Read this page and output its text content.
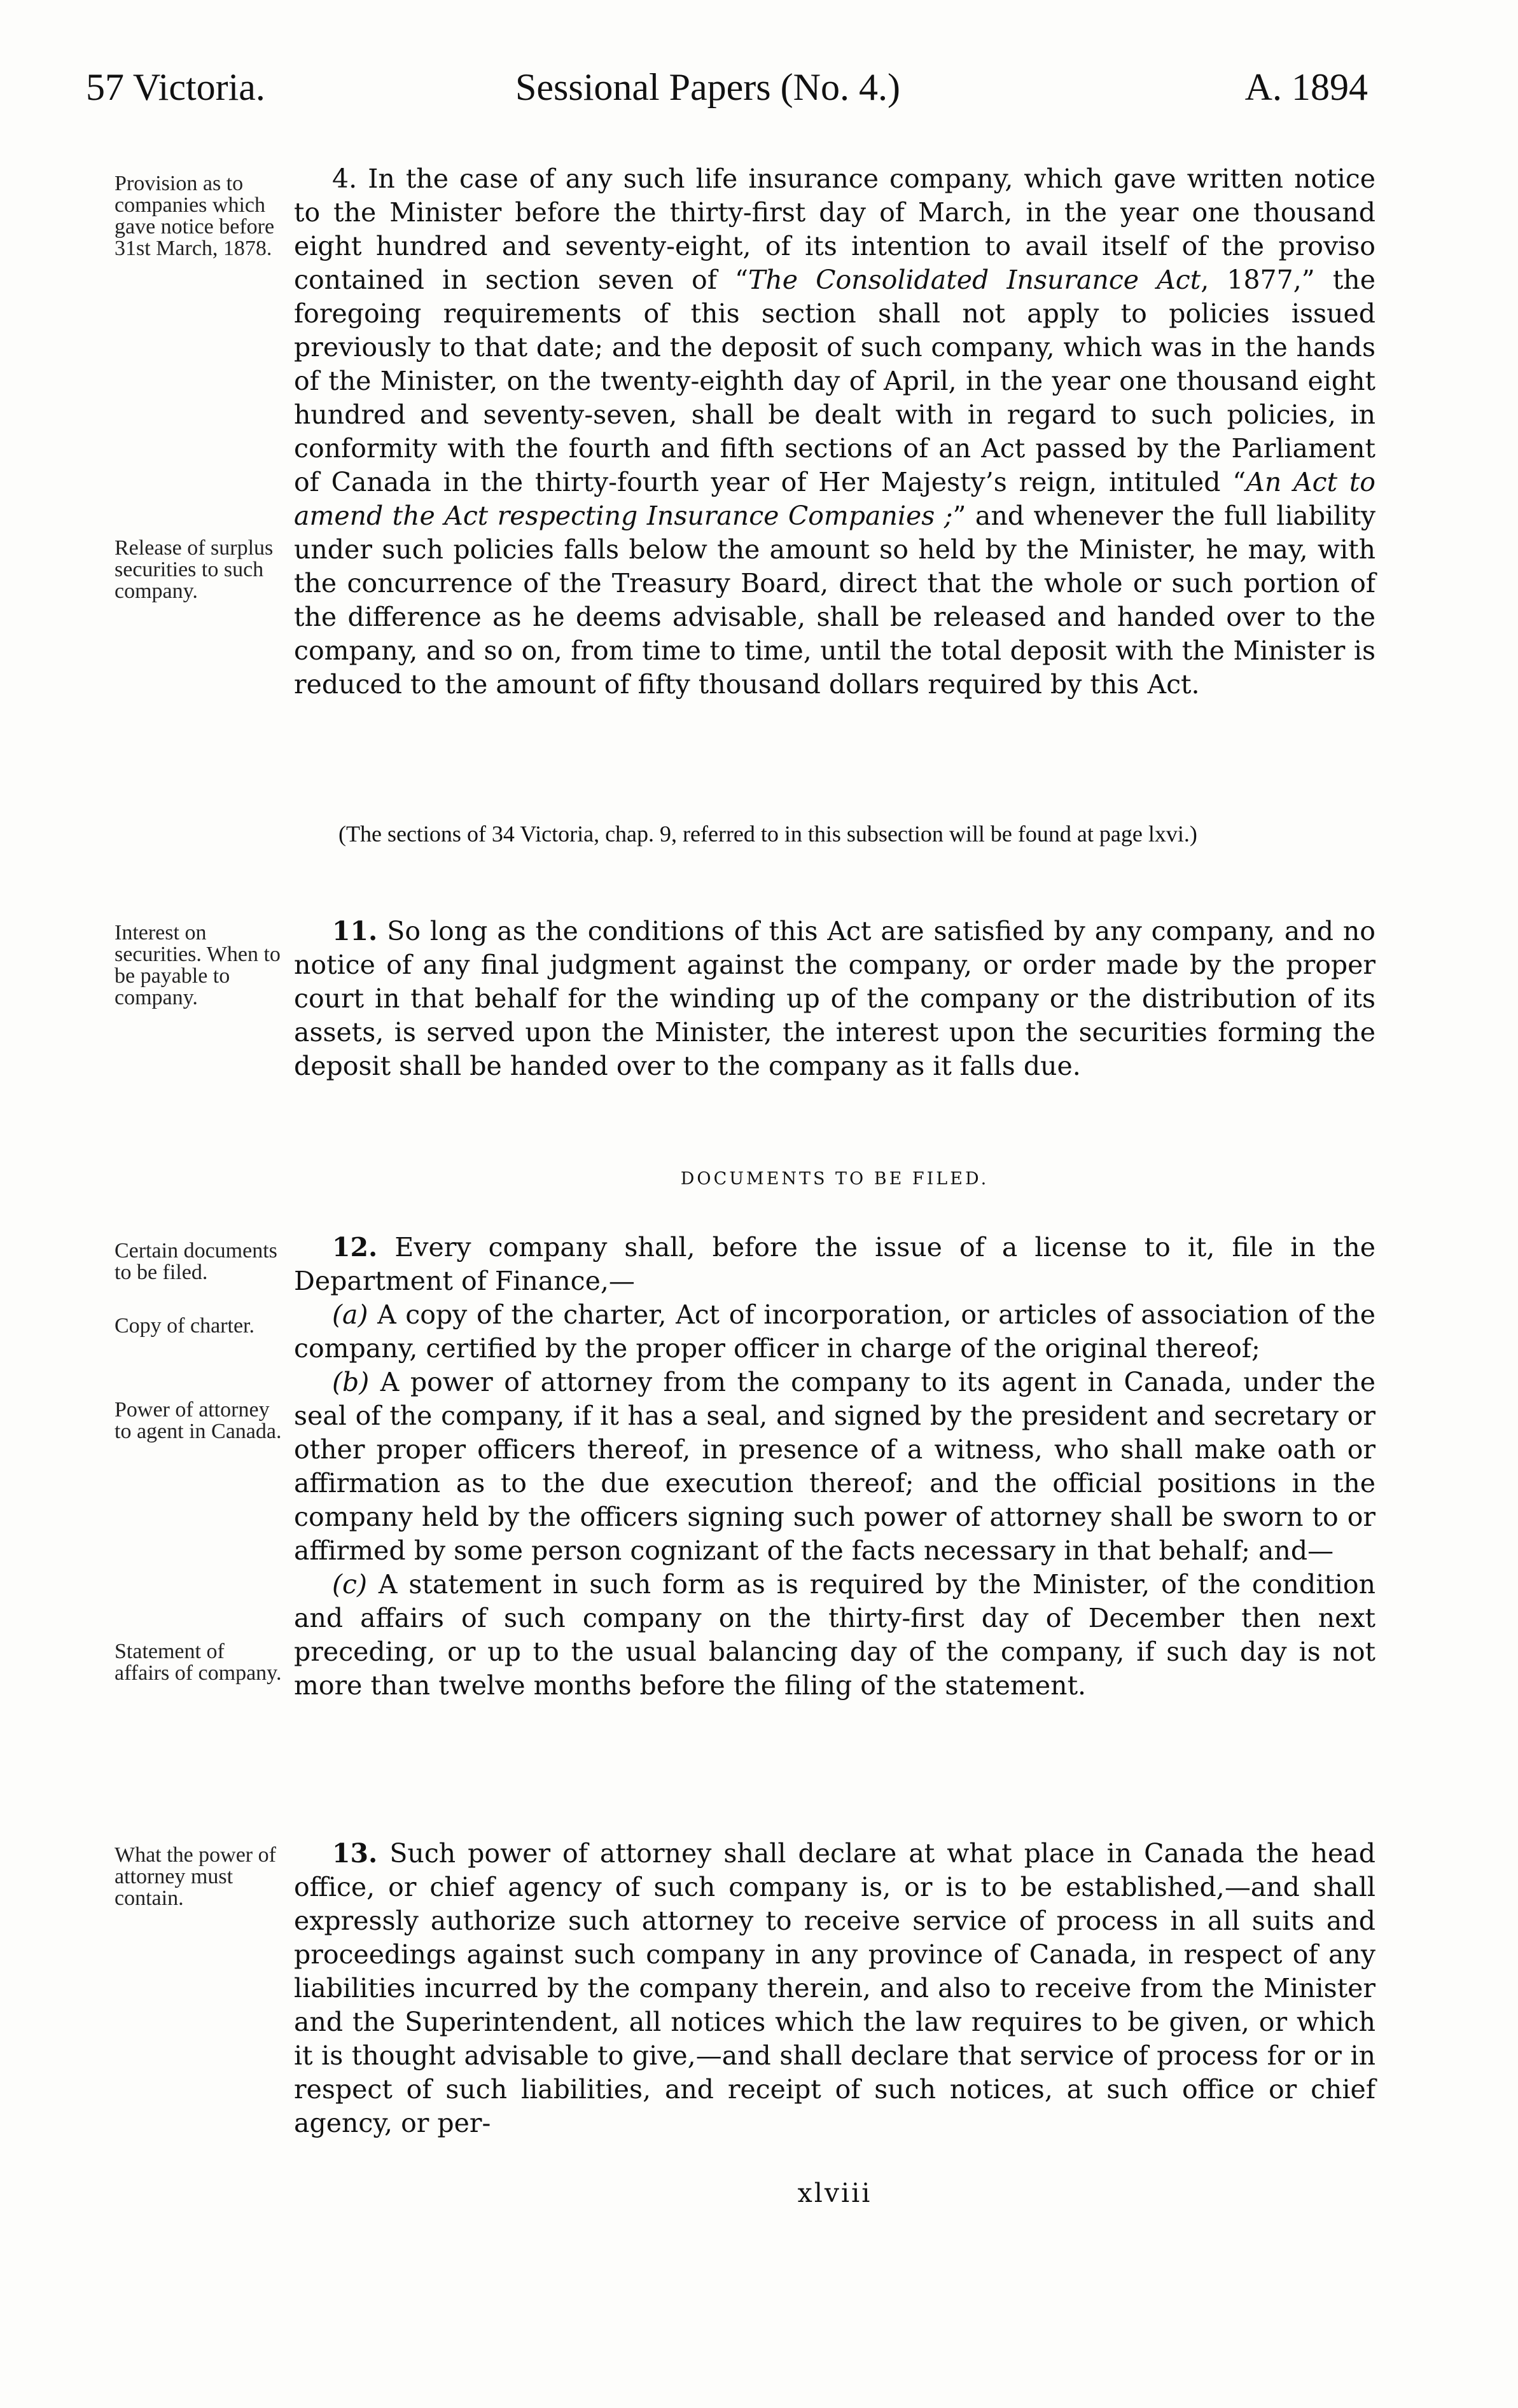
57 Victoria.	Sessional Papers (No. 4.)	A. 1894
Provision as to companies which gave notice before 31st March, 1878.
Release of surplus securities to such company.
Interest on securities. When to be payable to company.
Certain documents to be filed.
Copy of charter.
Power of attorney to agent in Canada.
Statement of affairs of company.
What the power of attorney must contain.

4. In the case of any such life insurance company, which gave written notice to the Minister before the thirty-first day of March, in the year one thousand eight hundred and seventy-eight, of its intention to avail itself of the proviso contained in section seven of “The Consolidated Insurance Act, 1877,” the foregoing requirements of this section shall not apply to policies issued previously to that date; and the deposit of such company, which was in the hands of the Minister, on the twenty-eighth day of April, in the year one thousand eight hundred and seventy-seven, shall be dealt with in regard to such policies, in conformity with the fourth and fifth sections of an Act passed by the Parliament of Canada in the thirty-fourth year of Her Majesty’s reign, intituled “An Act to amend the Act respecting Insurance Companies ;” and whenever the full liability under such policies falls below the amount so held by the Minister, he may, with the concurrence of the Treasury Board, direct that the whole or such portion of the difference as he deems advisable, shall be released and handed over to the company, and so on, from time to time, until the total deposit with the Minister is reduced to the amount of fifty thousand dollars required by this Act.

(The sections of 34 Victoria, chap. 9, referred to in this subsection will be found at page lxvi.)

11. So long as the conditions of this Act are satisfied by any company, and no notice of any final judgment against the company, or order made by the proper court in that behalf for the winding up of the company or the distribution of its assets, is served upon the Minister, the interest upon the securities forming the deposit shall be handed over to the company as it falls due.

DOCUMENTS TO BE FILED.

12. Every company shall, before the issue of a license to it, file in the Department of Finance,—

(a) A copy of the charter, Act of incorporation, or articles of association of the company, certified by the proper officer in charge of the original thereof;

(b) A power of attorney from the company to its agent in Canada, under the seal of the company, if it has a seal, and signed by the president and secretary or other proper officers thereof, in presence of a witness, who shall make oath or affirmation as to the due execution thereof; and the official positions in the company held by the officers signing such power of attorney shall be sworn to or affirmed by some person cognizant of the facts necessary in that behalf; and—

(c) A statement in such form as is required by the Minister, of the condition and affairs of such company on the thirty-first day of December then next preceding, or up to the usual balancing day of the company, if such day is not more than twelve months before the filing of the statement.

13. Such power of attorney shall declare at what place in Canada the head office, or chief agency of such company is, or is to be established,—and shall expressly authorize such attorney to receive service of process in all suits and proceedings against such company in any province of Canada, in respect of any liabilities incurred by the company therein, and also to receive from the Minister and the Superintendent, all notices which the law requires to be given, or which it is thought advisable to give,—and shall declare that service of process for or in respect of such liabilities, and receipt of such notices, at such office or chief agency, or per-

xlviii
